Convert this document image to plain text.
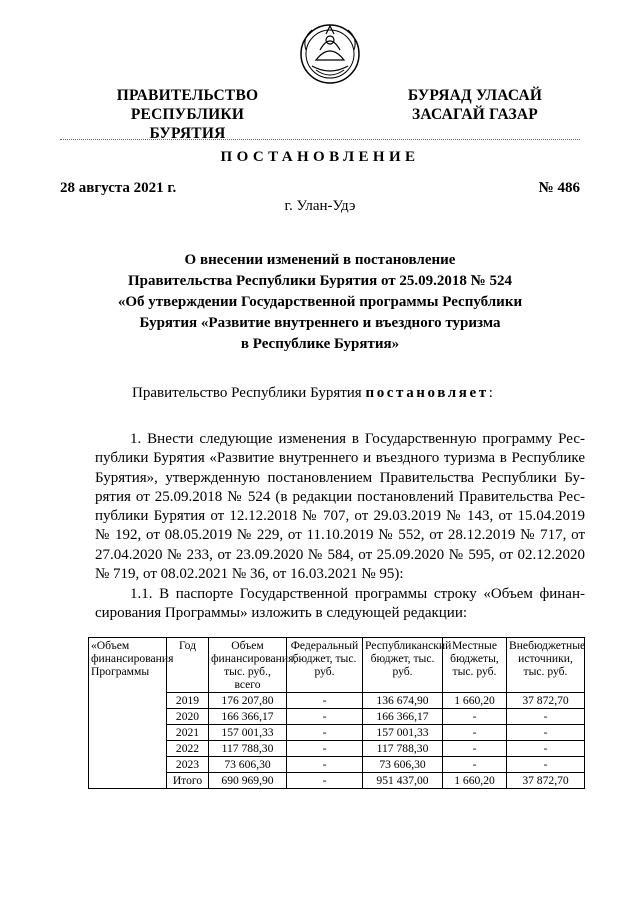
ПРАВИТЕЛЬСТВО
РЕСПУБЛИКИ БУРЯТИЯ
БУРЯАД УЛАСАЙ
ЗАСАГАЙ ГАЗАР
ПОСТАНОВЛЕНИЕ
28 августа 2021 г.	№ 486
г. Улан-Удэ
О внесении изменений в постановление
Правительства Республики Бурятия от 25.09.2018 № 524
«Об утверждении Государственной программы Республики
Бурятия «Развитие внутреннего и въездного туризма
в Республике Бурятия»
Правительство Республики Бурятия постановляет:
1. Внести следующие изменения в Государственную программу Рес-
публики Бурятия «Развитие внутреннего и въездного туризма в Республике
Бурятия», утвержденную постановлением Правительства Республики Бу-
рятия от 25.09.2018 № 524 (в редакции постановлений Правительства Рес-
публики Бурятия от 12.12.2018 № 707, от 29.03.2019 № 143, от 15.04.2019
№ 192, от 08.05.2019 № 229, от 11.10.2019 № 552, от 28.12.2019 № 717, от
27.04.2020 № 233, от 23.09.2020 № 584, от 25.09.2020 № 595, от 02.12.2020
№ 719, от 08.02.2021 № 36, от 16.03.2021 № 95):
1.1. В паспорте Государственной программы строку «Объем финан-
сирования Программы» изложить в следующей редакции:
«Объем финансирования Программы	Год	Объем финансирования, тыс. руб., всего	Федеральный бюджет, тыс. руб.	Республиканский бюджет, тыс. руб.	Местные бюджеты, тыс. руб.	Внебюджетные источники, тыс. руб.
	2019	176 207,80	-	136 674,90	1 660,20	37 872,70
	2020	166 366,17	-	166 366,17	-	-
	2021	157 001,33	-	157 001,33	-	-
	2022	117 788,30	-	117 788,30	-	-
	2023	73 606,30	-	73 606,30	-	-
	Итого	690 969,90	-	951 437,00	1 660,20	37 872,70
